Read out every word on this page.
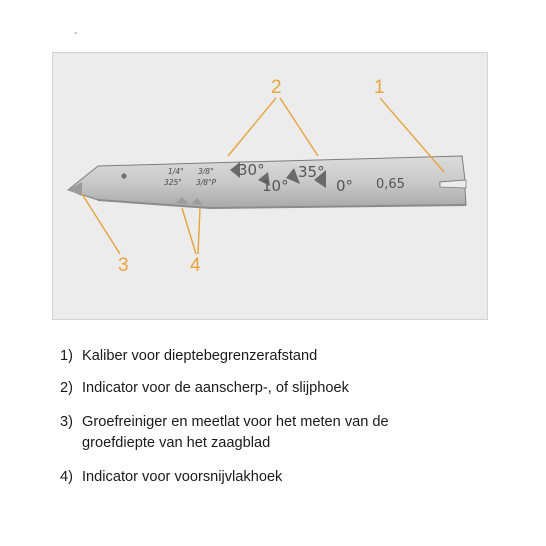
-
1/4"
325"
3/8"
3/8"P
30°
10°
35°
0° 0,65
1
2
3	4
1) Kaliber voor dieptebegrenzerafstand
2) Indicator voor de aanscherp-, of slijphoek
3) Groefreiniger en meetlat voor het meten van de
groefdiepte van het zaagblad
4) Indicator voor voorsnijvlakhoek
